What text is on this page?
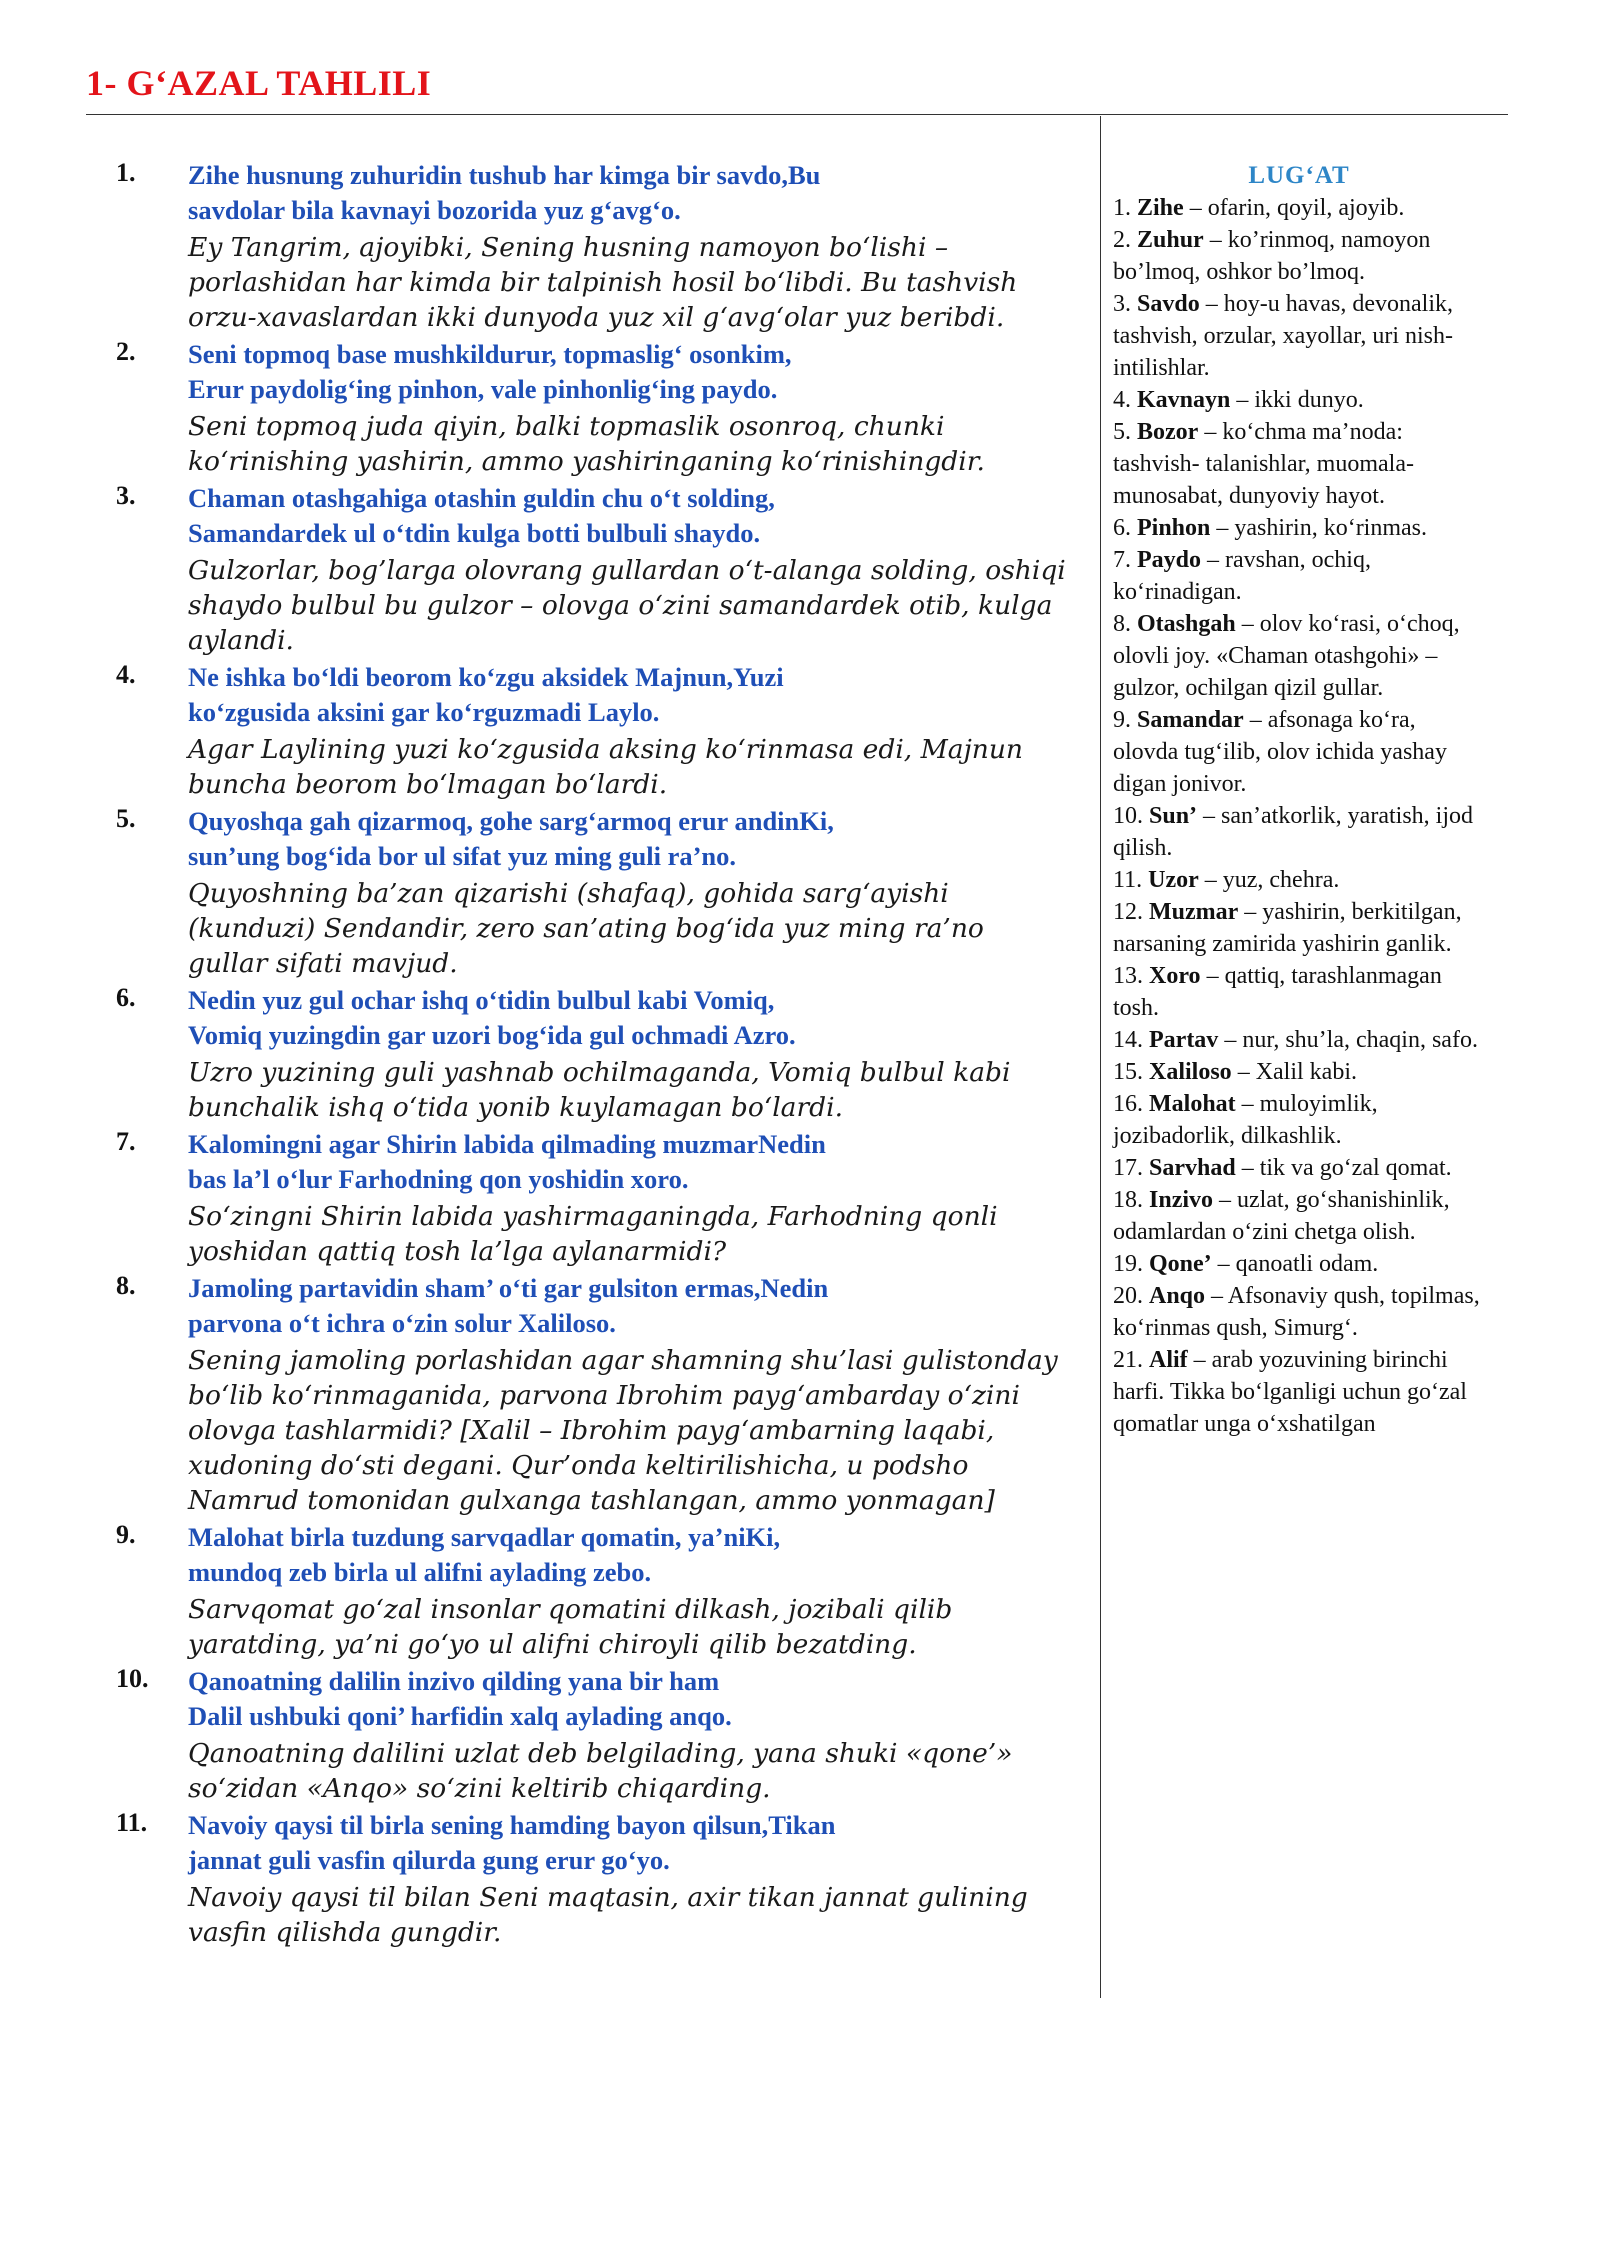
1- G‘AZAL TAHLILI
1. Zihe husnung zuhuridin tushub har kimga bir savdo,Bu
savdolar bila kavnayi bozorida yuz g‘avg‘o.
Ey Tangrim, ajoyibki, Sening husning namoyon bo‘lishi – porlashidan har kimda bir talpinish hosil bo‘libdi. Bu tashvish orzu-xavaslardan ikki dunyoda yuz xil g‘avg‘olar yuz beribdi.
2. Seni topmoq base mushkildurur, topmaslig‘ osonkim,
Erur paydolig‘ing pinhon, vale pinhonlig‘ing paydo.
Seni topmoq juda qiyin, balki topmaslik osonroq, chunki ko‘rinishing yashirin, ammo yashiringaning ko‘rinishingdir.
3. Chaman otashgahiga otashin guldin chu o‘t solding,
Samandardek ul o‘tdin kulga botti bulbuli shaydo.
Gulzorlar, bog’larga olovrang gullardan o‘t-alanga solding, oshiqi shaydo bulbul bu gulzor – olovga o‘zini samandardek otib, kulga aylandi.
4. Ne ishka bo‘ldi beorom ko‘zgu aksidek Majnun,Yuzi
ko‘zgusida aksini gar ko‘rguzmadi Laylo.
Agar Laylining yuzi ko‘zgusida aksing ko‘rinmasa edi, Majnun buncha beorom bo‘lmagan bo‘lardi.
5. Quyoshqa gah qizarmoq, gohe sarg‘armoq erur andinKi,
sun’ung bog‘ida bor ul sifat yuz ming guli ra’no.
Quyoshning ba’zan qizarishi (shafaq), gohida sarg‘ayishi (kunduzi) Sendandir, zero san’ating bog‘ida yuz ming ra’no gullar sifati mavjud.
6. Nedin yuz gul ochar ishq o‘tidin bulbul kabi Vomiq,
Vomiq yuzingdin gar uzori bog‘ida gul ochmadi Azro.
Uzro yuzining guli yashnab ochilmaganda, Vomiq bulbul kabi bunchalik ishq o‘tida yonib kuylamagan bo‘lardi.
7. Kalomingni agar Shirin labida qilmading muzmarNedin
bas la’l o‘lur Farhodning qon yoshidin xoro.
So‘zingni Shirin labida yashirmaganingda, Farhodning qonli yoshidan qattiq tosh la’lga aylanarmidi?
8. Jamoling partavidin sham’ o‘ti gar gulsiton ermas,Nedin
parvona o‘t ichra o‘zin solur Xaliloso.
Sening jamoling porlashidan agar shamning shu’lasi gulistonday bo‘lib ko‘rinmaganida, parvona Ibrohim payg‘ambarday o‘zini olovga tashlarmidi? [Xalil – Ibrohim payg‘ambarning laqabi, xudoning do‘sti degani. Qur’onda keltirilishicha, u podsho Namrud tomonidan gulxanga tashlangan, ammo yonmagan]
9. Malohat birla tuzdung sarvqadlar qomatin, ya’niKi,
mundoq zeb birla ul alifni aylading zebo.
Sarvqomat go‘zal insonlar qomatini dilkash, jozibali qilib yaratding, ya’ni go‘yo ul alifni chiroyli qilib bezatding.
10. Qanoatning dalilin inzivo qilding yana bir ham
Dalil ushbuki qoni’ harfidin xalq aylading anqo.
Qanoatning dalilini uzlat deb belgilading, yana shuki «qone’» so‘zidan «Anqo» so‘zini keltirib chiqarding.
11. Navoiy qaysi til birla sening hamding bayon qilsun,Tikan
jannat guli vasfin qilurda gung erur go‘yo.
Navoiy qaysi til bilan Seni maqtasin, axir tikan jannat gulining vasfin qilishda gungdir.
LUG‘AT
1. Zihe – ofarin, qoyil, ajoyib.
2. Zuhur – ko’rinmoq, namoyon bo’lmoq, oshkor bo’lmoq.
3. Savdo – hoy-u havas, devonalik, tashvish, orzular, xayollar, uri nish-intilishlar.
4. Kavnayn – ikki dunyo.
5. Bozor – ko‘chma ma’noda: tashvish- talanishlar, muomala- munosabat, dunyoviy hayot.
6. Pinhon – yashirin, ko‘rinmas.
7. Paydo – ravshan, ochiq, ko‘rinadigan.
8. Otashgah – olov ko‘rasi, o‘choq, olovli joy. «Chaman otashgohi» – gulzor, ochilgan qizil gullar.
9. Samandar – afsonaga ko‘ra, olovda tug‘ilib, olov ichida yashay digan jonivor.
10. Sun’ – san’atkorlik, yaratish, ijod qilish.
11. Uzor – yuz, chehra.
12. Muzmar – yashirin, berkitilgan, narsaning zamirida yashirin ganlik.
13. Xoro – qattiq, tarashlanmagan tosh.
14. Partav – nur, shu’la, chaqin, safo.
15. Xaliloso – Xalil kabi.
16. Malohat – muloyimlik, jozibadorlik, dilkashlik.
17. Sarvhad – tik va go‘zal qomat.
18. Inzivo – uzlat, go‘shanishinlik, odamlardan o‘zini chetga olish.
19. Qone’ – qanoatli odam.
20. Anqo – Afsonaviy qush, topilmas, ko‘rinmas qush, Simurg‘.
21. Alif – arab yozuvining birinchi harfi. Tikka bo‘lganligi uchun go‘zal qomatlar unga o‘xshatilgan
